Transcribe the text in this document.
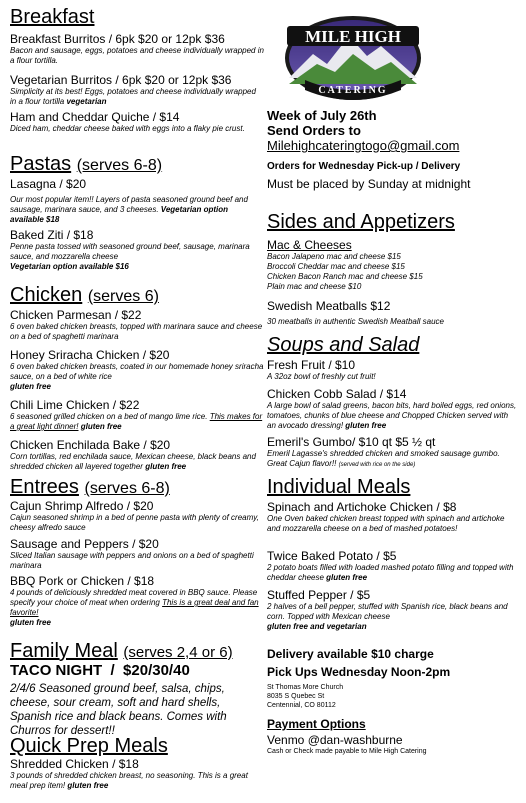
MILE HIGH
CATERING
Breakfast
Breakfast Burritos / 6pk $20 or 12pk $36
Bacon and sausage, eggs, potatoes and cheese individually wrapped in a flour tortilla.
Vegetarian Burritos / 6pk $20 or 12pk $36
Simplicity at its best! Eggs, potatoes and cheese individually wrapped in a flour tortilla vegetarian
Ham and Cheddar Quiche / $14
Diced ham, cheddar cheese baked with eggs into a flaky pie crust.
Pastas (serves 6-8)
Lasagna / $20
Our most popular item!! Layers of pasta seasoned ground beef and sausage, marinara sauce, and 3 cheeses. Vegetarian option available $18
Baked Ziti / $18
Penne pasta tossed with seasoned ground beef, sausage, marinara sauce, and mozzarella cheese
Vegetarian option available $16
Chicken (serves 6)
Chicken Parmesan / $22
6 oven baked chicken breasts, topped with marinara sauce and cheese on a bed of spaghetti marinara
Honey Sriracha Chicken / $20
6 oven baked chicken breasts, coated in our homemade honey sriracha sauce, on a bed of white rice
gluten free
Chili Lime Chicken / $22
6 seasoned grilled chicken on a bed of mango lime rice. This makes for a great light dinner! gluten free
Chicken Enchilada Bake / $20
Corn tortillas, red enchilada sauce, Mexican cheese, black beans and shredded chicken all layered together gluten free
Entrees (serves 6-8)
Cajun Shrimp Alfredo / $20
Cajun seasoned shrimp in a bed of penne pasta with plenty of creamy, cheesy alfredo sauce
Sausage and Peppers / $20
Sliced Italian sausage with peppers and onions on a bed of spaghetti marinara
BBQ Pork or Chicken / $18
4 pounds of deliciously shredded meat covered in BBQ sauce. Please specify your choice of meat when ordering This is a great deal and fan favorite!
gluten free
Family Meal (serves 2,4 or 6)
TACO NIGHT  /  $20/30/40
2/4/6 Seasoned ground beef, salsa, chips, cheese, sour cream, soft and hard shells, Spanish rice and black beans. Comes with Churros for dessert!!
Quick Prep Meals
Shredded Chicken / $18
3 pounds of shredded chicken breast, no seasoning. This is a great meal prep item! gluten free
Week of July 26th
Send Orders to
Milehighcateringtogo@gmail.com
Orders for Wednesday Pick-up / Delivery
Must be placed by Sunday at midnight
Sides and Appetizers
Mac & Cheeses
Bacon Jalapeno mac and cheese $15
Broccoli Cheddar mac and cheese $15
Chicken Bacon Ranch mac and cheese $15
Plain mac and cheese $10
Swedish Meatballs $12
30 meatballs in authentic Swedish Meatball sauce
Soups and Salad
Fresh Fruit / $10
A 32oz bowl of freshly cut fruit!
Chicken Cobb Salad / $14
A large bowl of salad greens, bacon bits, hard boiled eggs, red onions, tomatoes, chunks of blue cheese and Chopped Chicken served with an avocado dressing! gluten free
Emeril's Gumbo/ $10 qt $5 ½ qt
Emeril Lagasse's shredded chicken and smoked sausage gumbo. Great Cajun flavor!! (served with rice on the side)
Individual Meals
Spinach and Artichoke Chicken / $8
One Oven baked chicken breast topped with spinach and artichoke and mozzarella cheese on a bed of mashed potatoes!
Twice Baked Potato / $5
2 potato boats filled with loaded mashed potato filling and topped with cheddar cheese gluten free
Stuffed Pepper / $5
2 halves of a bell pepper, stuffed with Spanish rice, black beans and corn. Topped with Mexican cheese
gluten free and vegetarian
Delivery available $10 charge
Pick Ups Wednesday Noon-2pm
St Thomas More Church
8035 S Quebec St
Centennial, CO 80112
Payment Options
Venmo @dan-washburne
Cash or Check made payable to Mile High Catering
